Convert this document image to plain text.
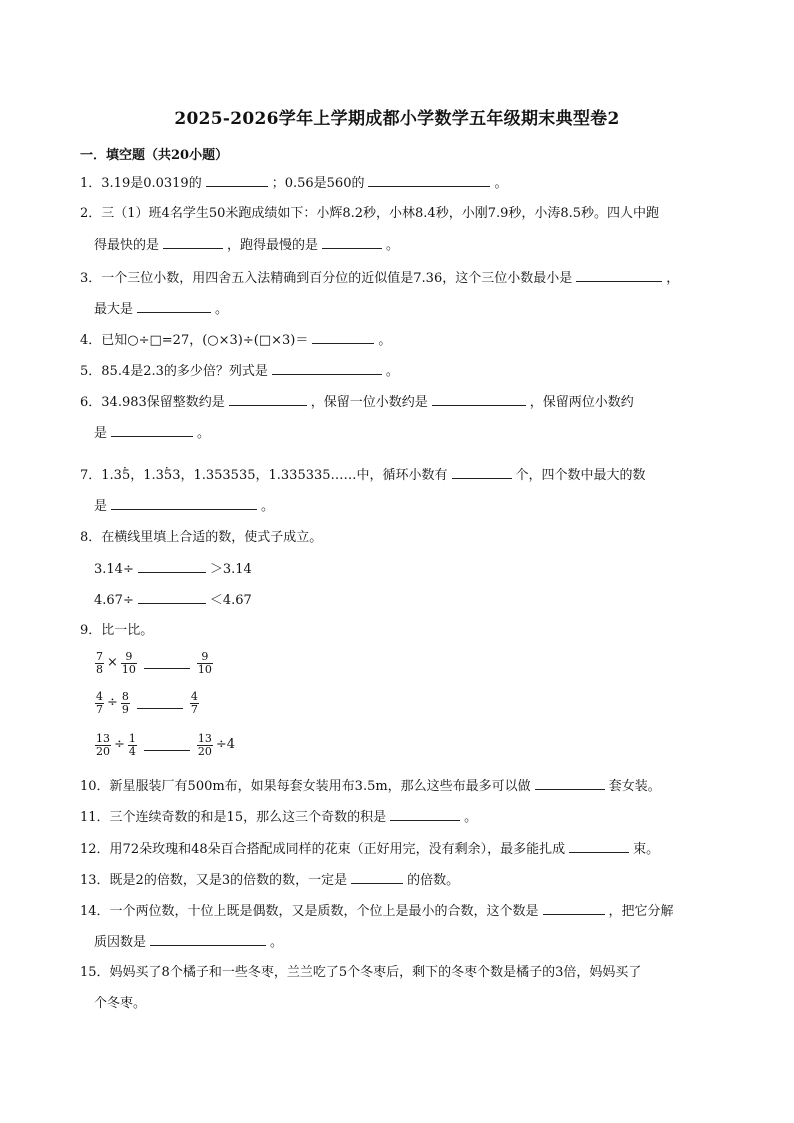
2025-2026学年上学期成都小学数学五年级期末典型卷2
一．填空题（共20小题）
1．3.19是0.0319的	；0.56是560的	。
2．三（1）班4名学生50米跑成绩如下：小辉8.2秒，小林8.4秒，小刚7.9秒，小涛8.5秒。四人中跑
得最快的是	，跑得最慢的是	。
3．一个三位小数，用四舍五入法精确到百分位的近似值是7.36，这个三位小数最小是	，
最大是	。
4．已知○÷□=27，(○×3)÷(□×3)＝	。
5．85.4是2.3的多少倍？列式是	。
6．34.983保留整数约是	，保留一位小数约是	，保留两位小数约
是	。
7．1.3· 5，1.3· 53，1.353535，1.335335……中，循环小数有	个，四个数中最大的数
是	。
8．在横线里填上合适的数，使式子成立。
3.14÷	＞3.14
4.67÷	＜4.67
9．比一比。
$\frac{7}{8} \times \frac{9}{10}$	$\frac{9}{10}$
$\frac{4}{7} \div \frac{8}{9}$	$\frac{4}{7}$
$\frac{13}{20} \div \frac{1}{4}$	$\frac{13}{20} \div 4$
10．新星服装厂有500m布，如果每套女装用布3.5m，那么这些布最多可以做	套女装。
11．三个连续奇数的和是15，那么这三个奇数的积是	。
12．用72朵玫瑰和48朵百合搭配成同样的花束（正好用完，没有剩余），最多能扎成	束。
13．既是2的倍数，又是3的倍数的数，一定是	的倍数。
14．一个两位数，十位上既是偶数，又是质数，个位上是最小的合数，这个数是	，把它分解
质因数是	。
15．妈妈买了8个橘子和一些冬枣，兰兰吃了5个冬枣后，剩下的冬枣个数是橘子的3倍，妈妈买了
个冬枣。
